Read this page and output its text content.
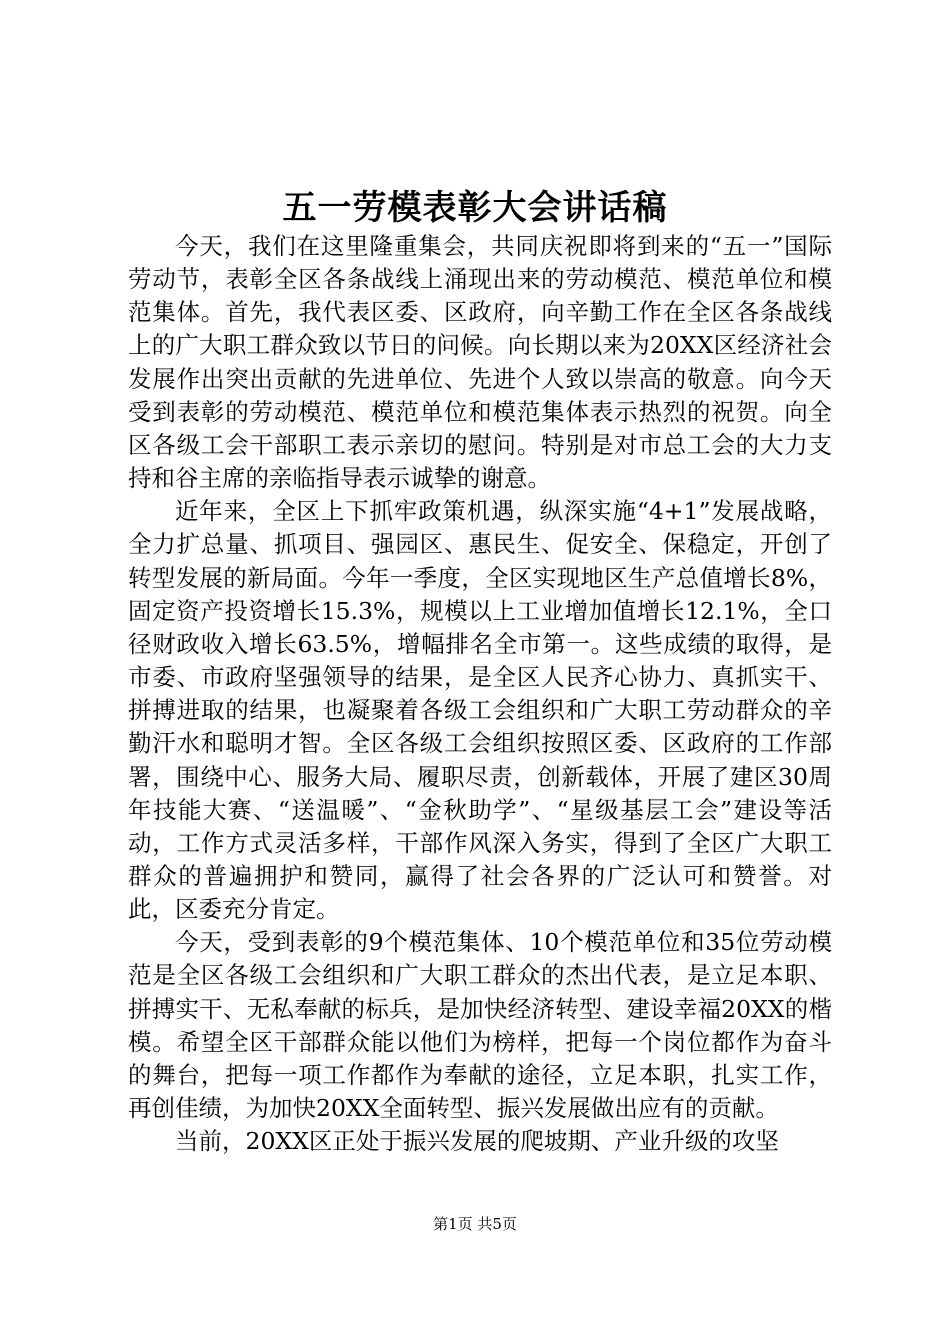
五一劳模表彰大会讲话稿

今天，我们在这里隆重集会，共同庆祝即将到来的“五一”国际劳动节，表彰全区各条战线上涌现出来的劳动模范、模范单位和模范集体。首先，我代表区委、区政府，向辛勤工作在全区各条战线上的广大职工群众致以节日的问候。向长期以来为20XX区经济社会发展作出突出贡献的先进单位、先进个人致以崇高的敬意。向今天受到表彰的劳动模范、模范单位和模范集体表示热烈的祝贺。向全区各级工会干部职工表示亲切的慰问。特别是对市总工会的大力支持和谷主席的亲临指导表示诚挚的谢意。

近年来，全区上下抓牢政策机遇，纵深实施“4+1”发展战略，全力扩总量、抓项目、强园区、惠民生、促安全、保稳定，开创了转型发展的新局面。今年一季度，全区实现地区生产总值增长8%，固定资产投资增长15.3%，规模以上工业增加值增长12.1%，全口径财政收入增长63.5%，增幅排名全市第一。这些成绩的取得，是市委、市政府坚强领导的结果，是全区人民齐心协力、真抓实干、拼搏进取的结果，也凝聚着各级工会组织和广大职工劳动群众的辛勤汗水和聪明才智。全区各级工会组织按照区委、区政府的工作部署，围绕中心、服务大局、履职尽责，创新载体，开展了建区30周年技能大赛、“送温暖”、“金秋助学”、“星级基层工会”建设等活动，工作方式灵活多样，干部作风深入务实，得到了全区广大职工群众的普遍拥护和赞同，赢得了社会各界的广泛认可和赞誉。对此，区委充分肯定。

今天，受到表彰的9个模范集体、10个模范单位和35位劳动模范是全区各级工会组织和广大职工群众的杰出代表，是立足本职、拼搏实干、无私奉献的标兵，是加快经济转型、建设幸福20XX的楷模。希望全区干部群众能以他们为榜样，把每一个岗位都作为奋斗的舞台，把每一项工作都作为奉献的途径，立足本职，扎实工作，再创佳绩，为加快20XX全面转型、振兴发展做出应有的贡献。

当前，20XX区正处于振兴发展的爬坡期、产业升级的攻坚

第1页 共5页
